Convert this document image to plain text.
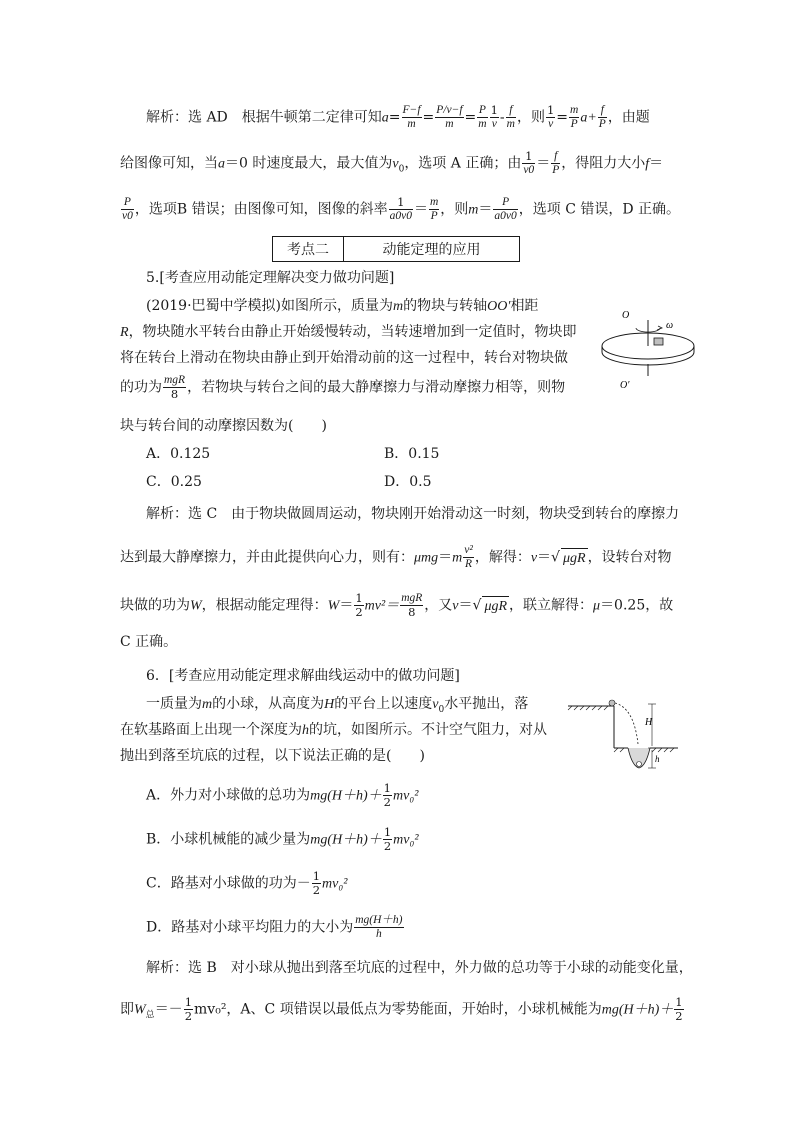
解析：选 AD　根据牛顿第二定律可知$a= \frac{F-f}{m} = \frac{P/v-f}{m} = \frac{P}{m} \frac{1}{v} - \frac{f}{m}$ ，则 $\frac{1}{v} = \frac{m}{P} a+ \frac{f}{P}$ ，由题
给图像可知，当a＝0 时速度最大，最大值为$v_0$，选项 A 正确；由 $\frac{1}{v0} = \frac{f}{P}$ ，得阻力大小f＝
$\frac{P}{v0}$ ，选项B 错误；由图像可知，图像的斜率 $\frac{1}{a0v0} = \frac{m}{P}$ ，则$m= \frac{P}{a0v0}$ ，选项 C 错误，D 正确。
考点二	动能定理的应用
5.[考查应用动能定理解决变力做功问题]
(2019·巴蜀中学模拟)如图所示，质量为m的物块与转轴OO′相距
R，物块随水平转台由静止开始缓慢转动，当转速增加到一定值时，物块即
将在转台上滑动在物块由静止到开始滑动前的这一过程中，转台对物块做
的功为 $\frac{\text{mgR}}{8}$ ，若物块与转台之间的最大静摩擦力与滑动摩擦力相等，则物
块与转台间的动摩擦因数为(　　)
A．0.125	B．0.15
C．0.25	D．0.5
O
ω
O′
解析：选 C　由于物块做圆周运动，物块刚开始滑动这一时刻，物块受到转台的摩擦力
达到最大静摩擦力，并由此提供向心力，则有：$\mu mg=m \frac{\text{v²}}{R}$ ，解得：v＝√ μgR ，设转台对物
块做的功为W，根据动能定理得：$W= \frac{1}{2} mv^2= \frac{\text{mgR}}{8}$ ，又v＝√ μgR ，联立解得：μ＝0.25，故
C 正确。
6．[考查应用动能定理求解曲线运动中的做功问题]
一质量为m的小球，从高度为H的平台上以速度$v_0$水平抛出，落
在软基路面上出现一个深度为h的坑，如图所示。不计空气阻力，对从
抛出到落至坑底的过程，以下说法正确的是(　　)
A．外力对小球做的总功为$mg(H+h)+ \frac{1}{2} mv_0^2$
B．小球机械能的减少量为$mg(H+h)+ \frac{1}{2} mv_0^2$
C．路基对小球做的功为－ $\frac{1}{2} mv_0^2$
D．路基对小球平均阻力的大小为 $\frac{mg(H+h)}{h}$
H
h
解析：选 B　对小球从抛出到落至坑底的过程中，外力做的总功等于小球的动能变化量，
即$W_总=- \frac{1}{2} mv_0^2$，A、C 项错误以最低点为零势能面，开始时，小球机械能为$mg(H+h)+ \frac{1}{2}$
